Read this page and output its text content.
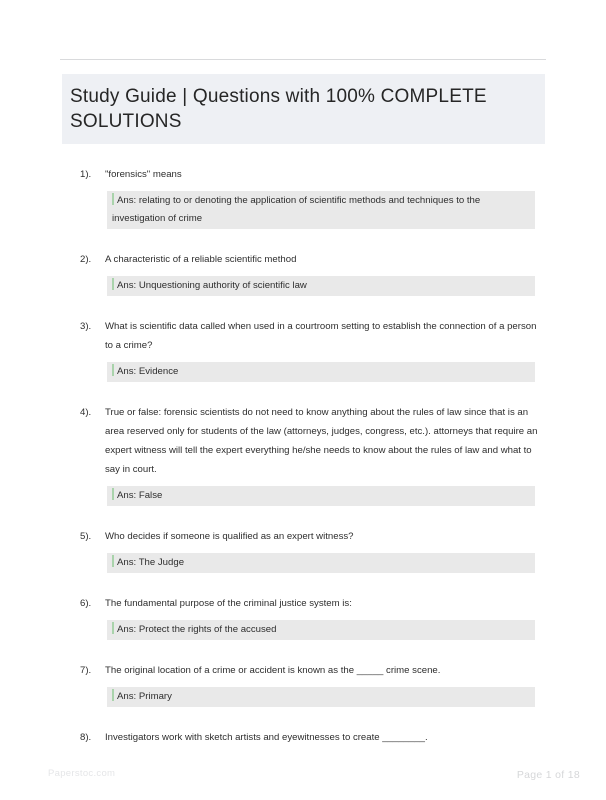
Study Guide | Questions with 100% COMPLETE SOLUTIONS
1).	"forensics" means
Ans: relating to or denoting the application of scientific methods and techniques to the investigation of crime
2).	A characteristic of a reliable scientific method
Ans: Unquestioning authority of scientific law
3).	What is scientific data called when used in a courtroom setting to establish the connection of a person to a crime?
Ans: Evidence
4).	True or false: forensic scientists do not need to know anything about the rules of law since that is an area reserved only for students of the law (attorneys, judges, congress, etc.). attorneys that require an expert witness will tell the expert everything he/she needs to know about the rules of law and what to say in court.
Ans: False
5).	Who decides if someone is qualified as an expert witness?
Ans: The Judge
6).	The fundamental purpose of the criminal justice system is:
Ans: Protect the rights of the accused
7).	The original location of a crime or accident is known as the _____ crime scene.
Ans: Primary
8).	Investigators work with sketch artists and eyewitnesses to create ________.
Paperstoc.com	Page 1 of 18
